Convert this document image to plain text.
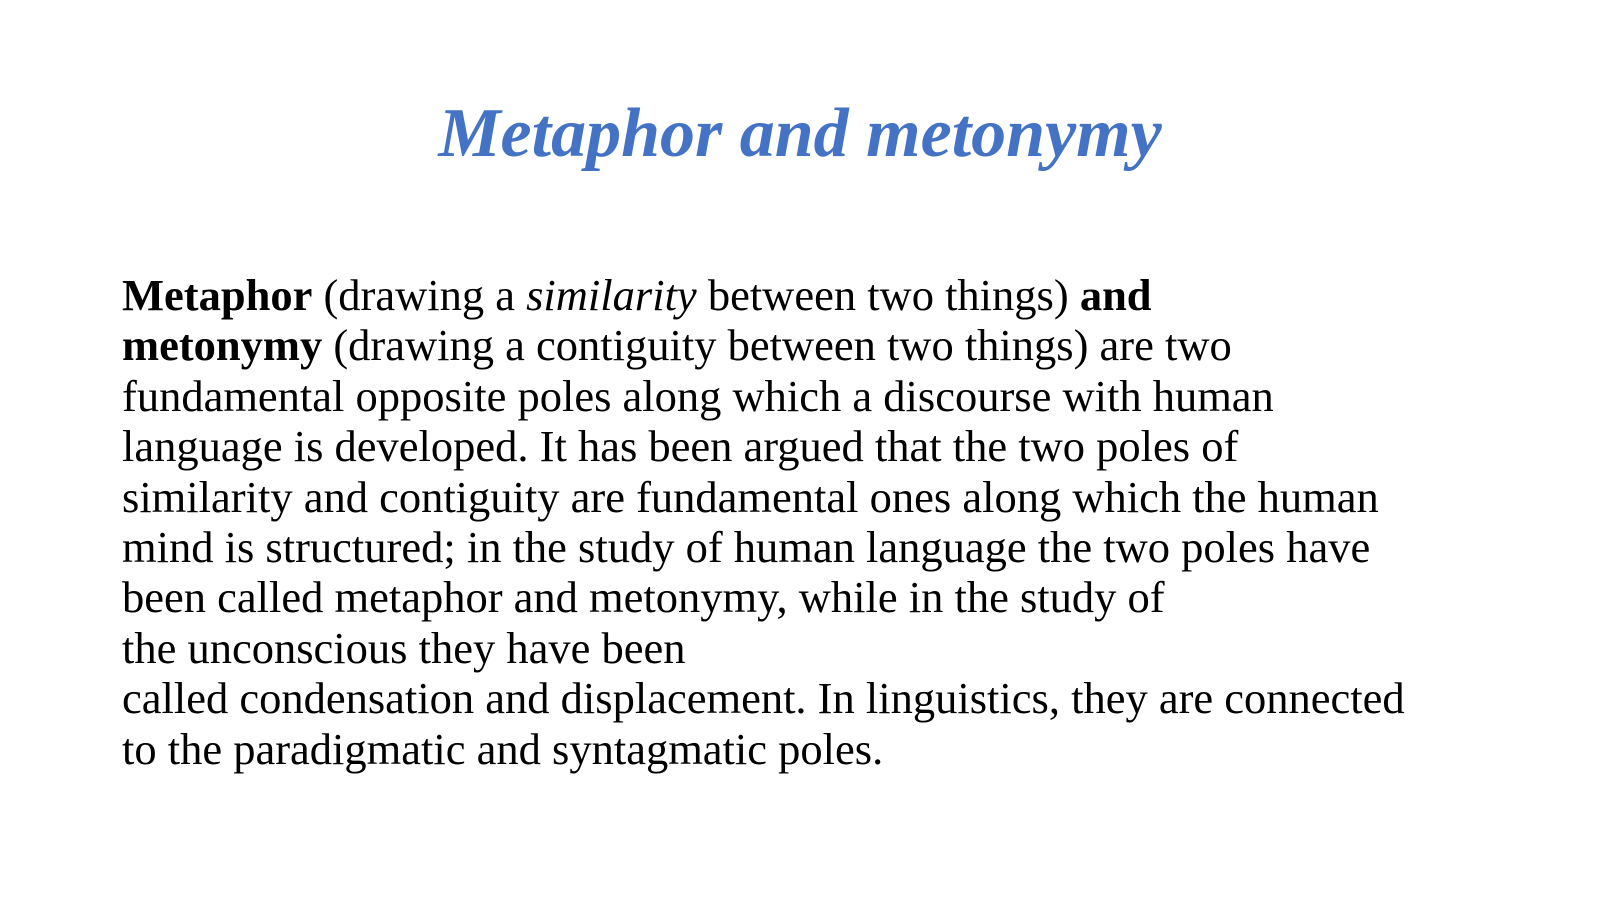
Metaphor and metonymy
Metaphor (drawing a similarity between two things) and
metonymy (drawing a contiguity between two things) are two
fundamental opposite poles along which a discourse with human
language is developed. It has been argued that the two poles of
similarity and contiguity are fundamental ones along which the human
mind is structured; in the study of human language the two poles have
been called metaphor and metonymy, while in the study of
the unconscious they have been
called condensation and displacement. In linguistics, they are connected
to the paradigmatic and syntagmatic poles.
